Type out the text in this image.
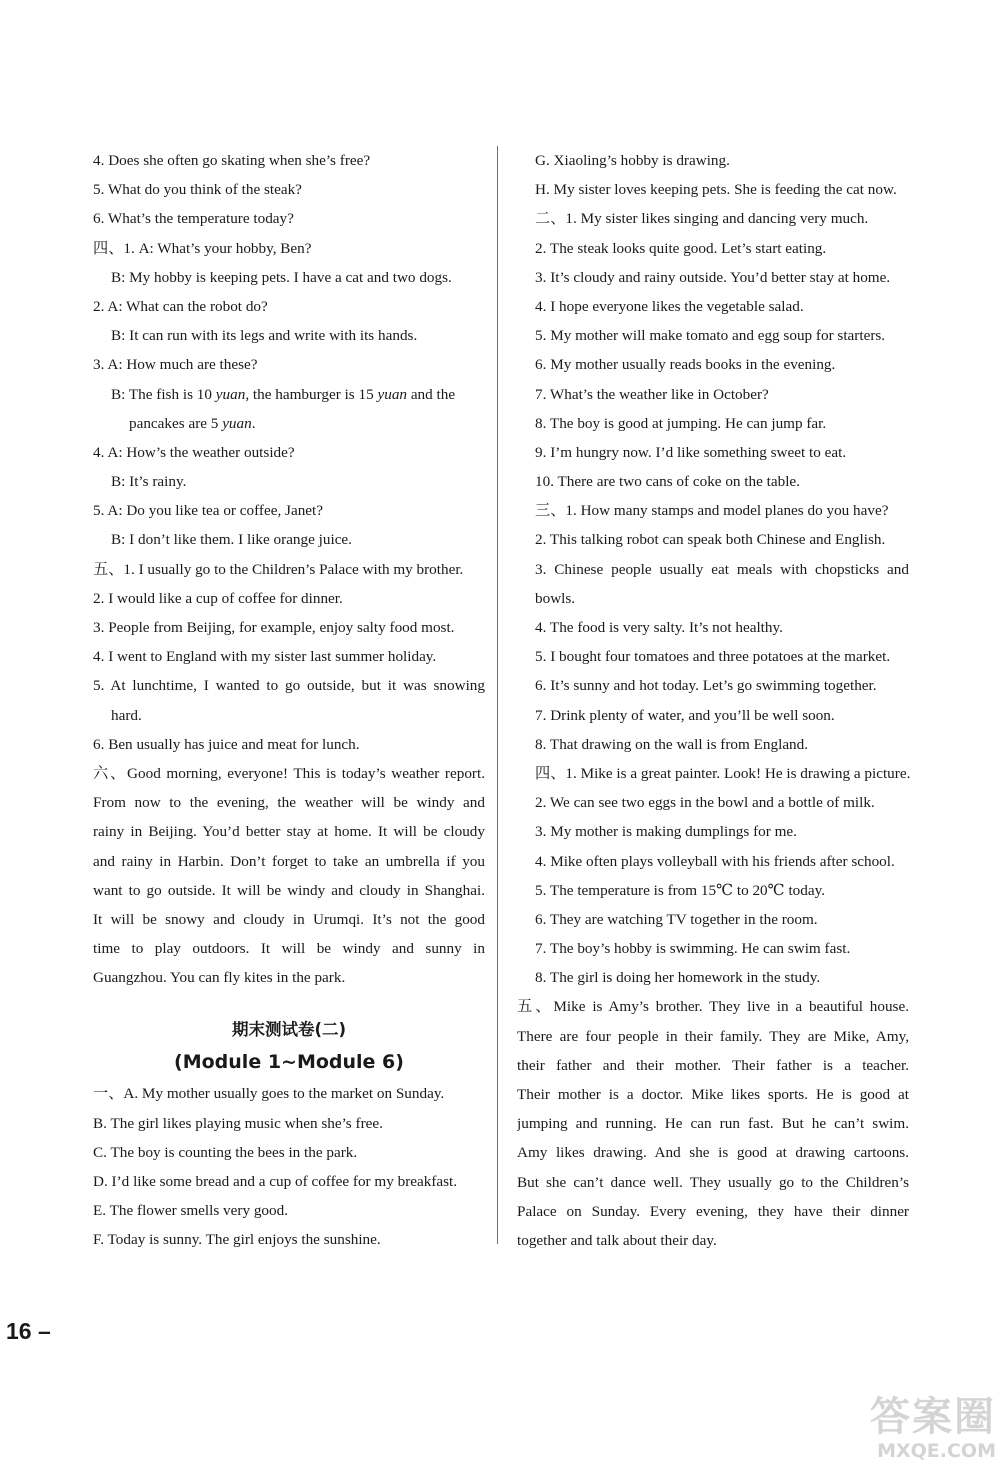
4. Does she often go skating when she’s free?
5. What do you think of the steak?
6. What’s the temperature today?
四、1. A: What’s your hobby, Ben?
B: My hobby is keeping pets. I have a cat and two dogs.
2. A: What can the robot do?
B: It can run with its legs and write with its hands.
3. A: How much are these?
B: The fish is 10 yuan, the hamburger is 15 yuan and the
pancakes are 5 yuan.
4. A: How’s the weather outside?
B: It’s rainy.
5. A: Do you like tea or coffee, Janet?
B: I don’t like them. I like orange juice.
五、1. I usually go to the Children’s Palace with my brother.
2. I would like a cup of coffee for dinner.
3. People from Beijing, for example, enjoy salty food most.
4. I went to England with my sister last summer holiday.
5. At lunchtime, I wanted to go outside, but it was snowing
hard.
6. Ben usually has juice and meat for lunch.
六、Good morning, everyone! This is today’s weather report.
From now to the evening, the weather will be windy and
rainy in Beijing. You’d better stay at home. It will be cloudy
and rainy in Harbin. Don’t forget to take an umbrella if you
want to go outside. It will be windy and cloudy in Shanghai.
It will be snowy and cloudy in Urumqi. It’s not the good
time to play outdoors. It will be windy and sunny in
Guangzhou. You can fly kites in the park.
期末测试卷(二)
(Module 1~Module 6)
一、A. My mother usually goes to the market on Sunday.
B. The girl likes playing music when she’s free.
C. The boy is counting the bees in the park.
D. I’d like some bread and a cup of coffee for my breakfast.
E. The flower smells very good.
F. Today is sunny. The girl enjoys the sunshine.
G. Xiaoling’s hobby is drawing.
H. My sister loves keeping pets. She is feeding the cat now.
二、1. My sister likes singing and dancing very much.
2. The steak looks quite good. Let’s start eating.
3. It’s cloudy and rainy outside. You’d better stay at home.
4. I hope everyone likes the vegetable salad.
5. My mother will make tomato and egg soup for starters.
6. My mother usually reads books in the evening.
7. What’s the weather like in October?
8. The boy is good at jumping. He can jump far.
9. I’m hungry now. I’d like something sweet to eat.
10. There are two cans of coke on the table.
三、1. How many stamps and model planes do you have?
2. This talking robot can speak both Chinese and English.
3. Chinese people usually eat meals with chopsticks and
bowls.
4. The food is very salty. It’s not healthy.
5. I bought four tomatoes and three potatoes at the market.
6. It’s sunny and hot today. Let’s go swimming together.
7. Drink plenty of water, and you’ll be well soon.
8. That drawing on the wall is from England.
四、1. Mike is a great painter. Look! He is drawing a picture.
2. We can see two eggs in the bowl and a bottle of milk.
3. My mother is making dumplings for me.
4. Mike often plays volleyball with his friends after school.
5. The temperature is from 15℃ to 20℃ today.
6. They are watching TV together in the room.
7. The boy’s hobby is swimming. He can swim fast.
8. The girl is doing her homework in the study.
五、Mike is Amy’s brother. They live in a beautiful house.
There are four people in their family. They are Mike, Amy,
their father and their mother. Their father is a teacher.
Their mother is a doctor. Mike likes sports. He is good at
jumping and running. He can run fast. But he can’t swim.
Amy likes drawing. And she is good at drawing cartoons.
But she can’t dance well. They usually go to the Children’s
Palace on Sunday. Every evening, they have their dinner
together and talk about their day.
16 –
答案圈
MXQE.COM
